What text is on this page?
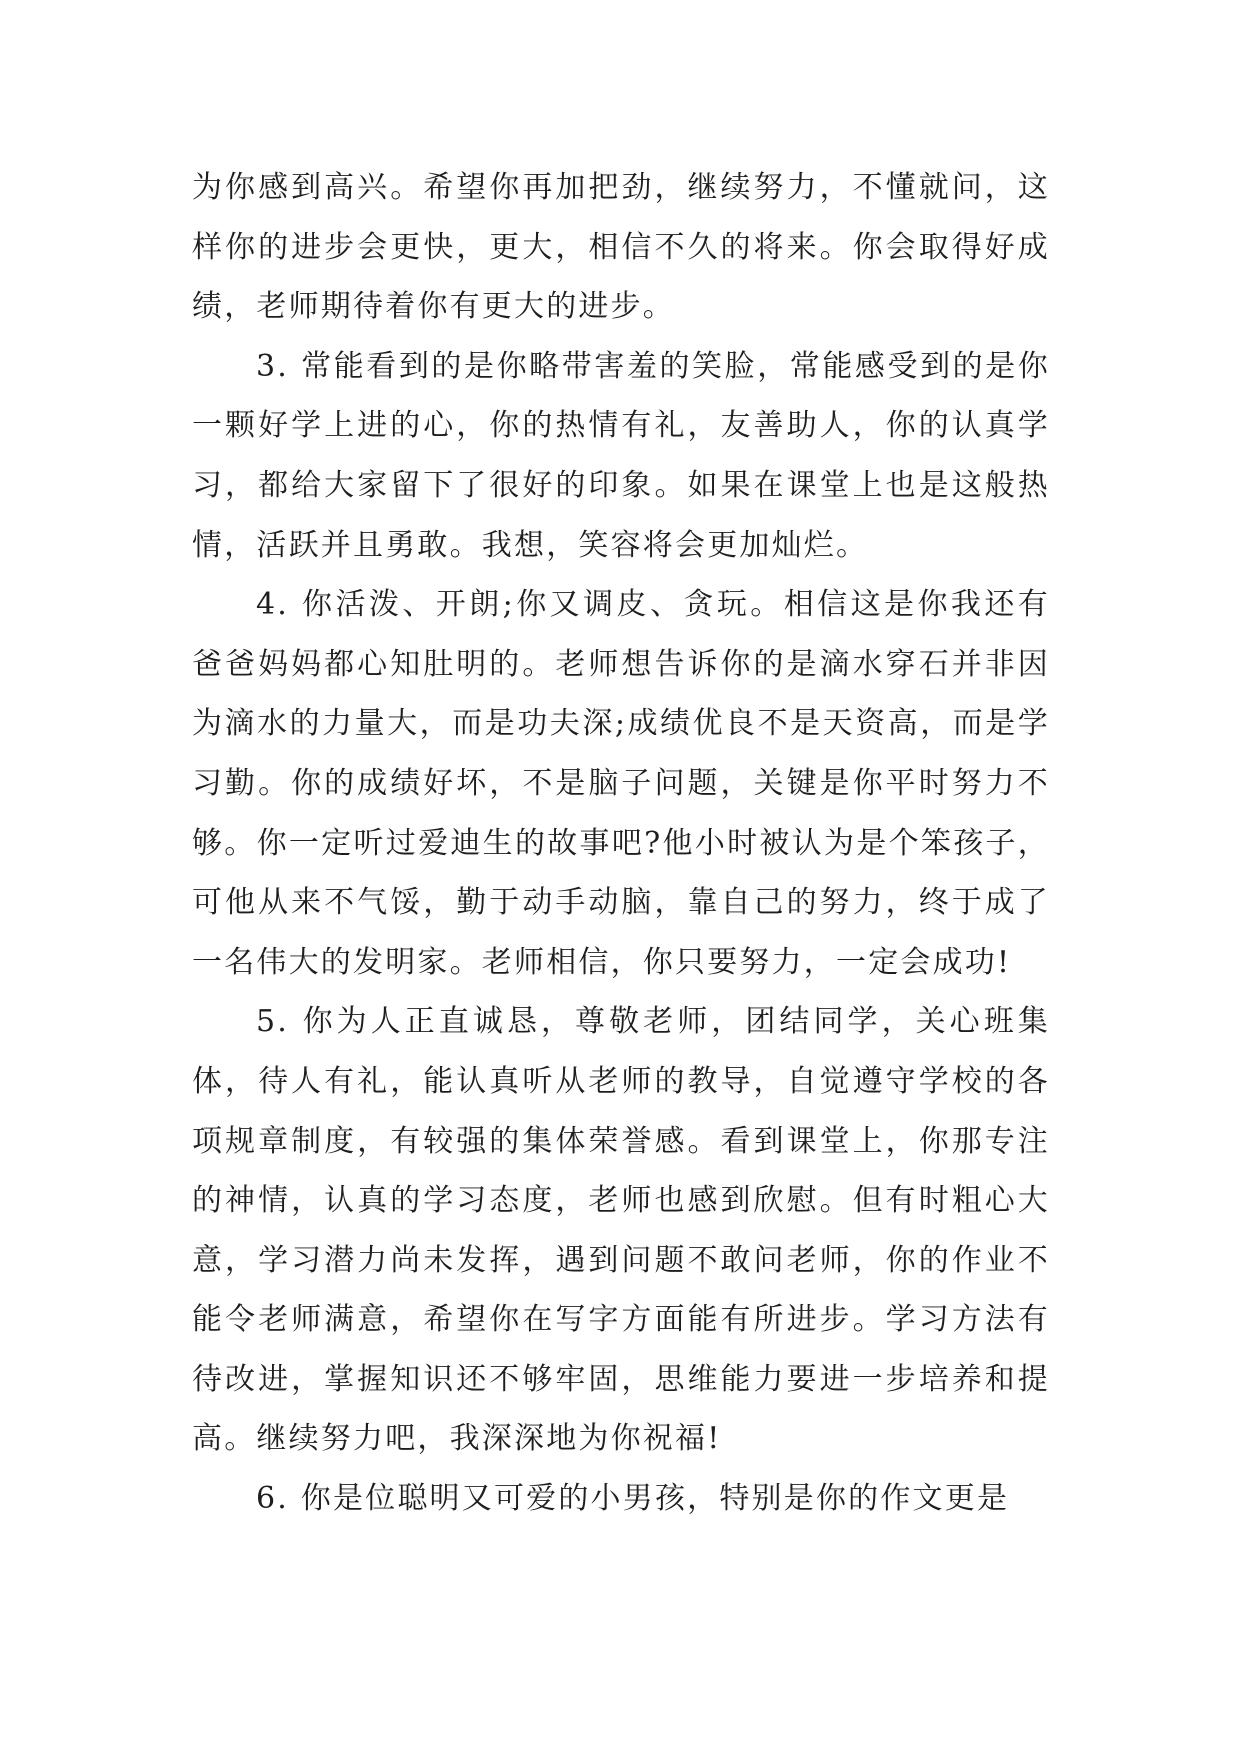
为你感到高兴。希望你再加把劲，继续努力，不懂就问，这样你的进步会更快，更大，相信不久的将来。你会取得好成绩，老师期待着你有更大的进步。

3. 常能看到的是你略带害羞的笑脸，常能感受到的是你一颗好学上进的心，你的热情有礼，友善助人，你的认真学习，都给大家留下了很好的印象。如果在课堂上也是这般热情，活跃并且勇敢。我想，笑容将会更加灿烂。

4. 你活泼、开朗;你又调皮、贪玩。相信这是你我还有爸爸妈妈都心知肚明的。老师想告诉你的是滴水穿石并非因为滴水的力量大，而是功夫深;成绩优良不是天资高，而是学习勤。你的成绩好坏，不是脑子问题，关键是你平时努力不够。你一定听过爱迪生的故事吧?他小时被认为是个笨孩子，可他从来不气馁，勤于动手动脑，靠自己的努力，终于成了一名伟大的发明家。老师相信，你只要努力，一定会成功!

5. 你为人正直诚恳，尊敬老师，团结同学，关心班集体，待人有礼，能认真听从老师的教导，自觉遵守学校的各项规章制度，有较强的集体荣誉感。看到课堂上，你那专注的神情，认真的学习态度，老师也感到欣慰。但有时粗心大意，学习潜力尚未发挥，遇到问题不敢问老师，你的作业不能令老师满意，希望你在写字方面能有所进步。学习方法有待改进，掌握知识还不够牢固，思维能力要进一步培养和提高。继续努力吧，我深深地为你祝福!

6. 你是位聪明又可爱的小男孩，特别是你的作文更是
